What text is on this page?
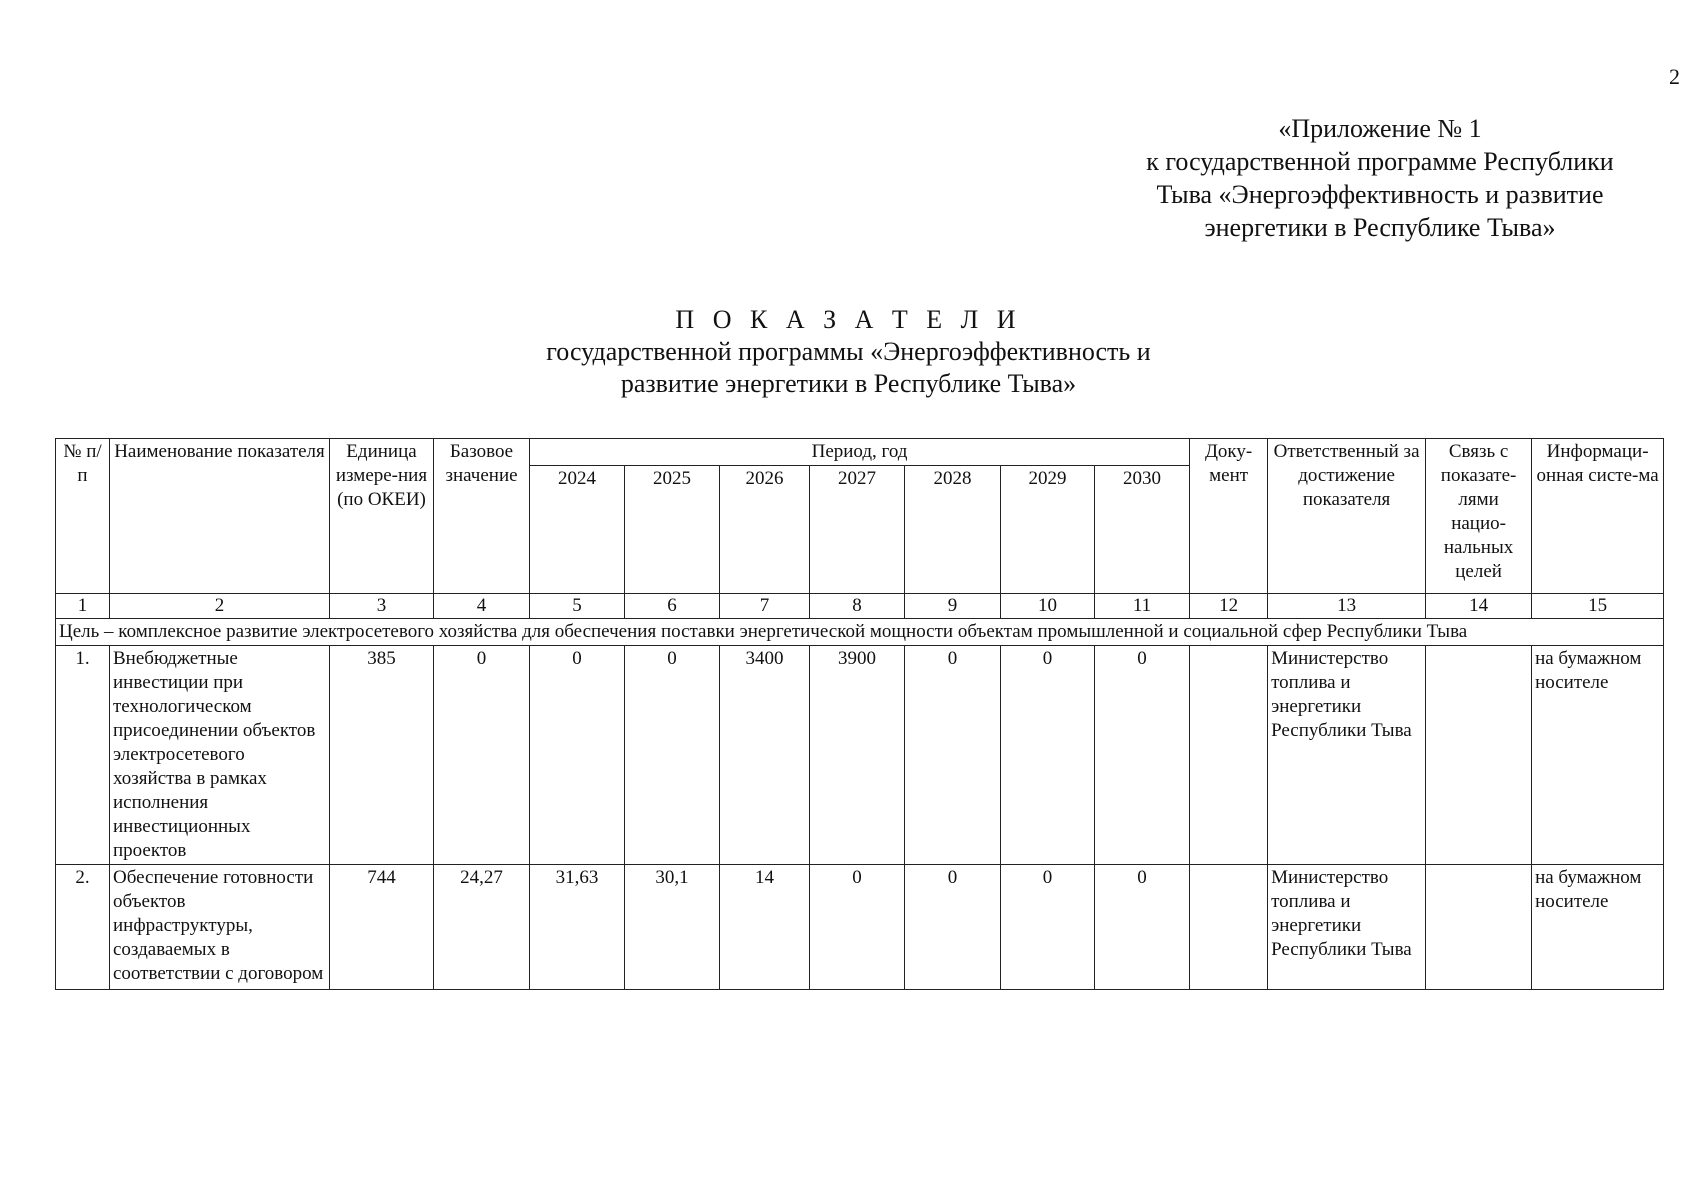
2
«Приложение № 1
к государственной программе Республики
Тыва «Энергоэффективность и развитие
энергетики в Республике Тыва»
П О К А З А Т Е Л И
государственной программы «Энергоэффективность и
развитие энергетики в Республике Тыва»
№ п/п	Наименование показателя	Единица измере-ния (по ОКЕИ)	Базовое значение	Период, год							Доку-мент	Ответственный за достижение показателя	Связь с показате-лями нацио-нальных целей	Информаци-онная систе-ма
				2024	2025	2026	2027	2028	2029	2030				
1	2	3	4	5	6	7	8	9	10	11	12	13	14	15
Цель – комплексное развитие электросетевого хозяйства для обеспечения поставки энергетической мощности объектам промышленной и социальной сфер Республики Тыва														
1.	Внебюджетные инвестиции при технологическом присоединении объектов электросетевого хозяйства в рамках исполнения инвестиционных проектов	385	0	0	0	3400	3900	0	0	0		Министерство топлива и энергетики Республики Тыва		на бумажном носителе
2.	Обеспечение готовности объектов инфраструктуры, создаваемых в соответствии с договором	744	24,27	31,63	30,1	14	0	0	0	0		Министерство топлива и энергетики Республики Тыва		на бумажном носителе
